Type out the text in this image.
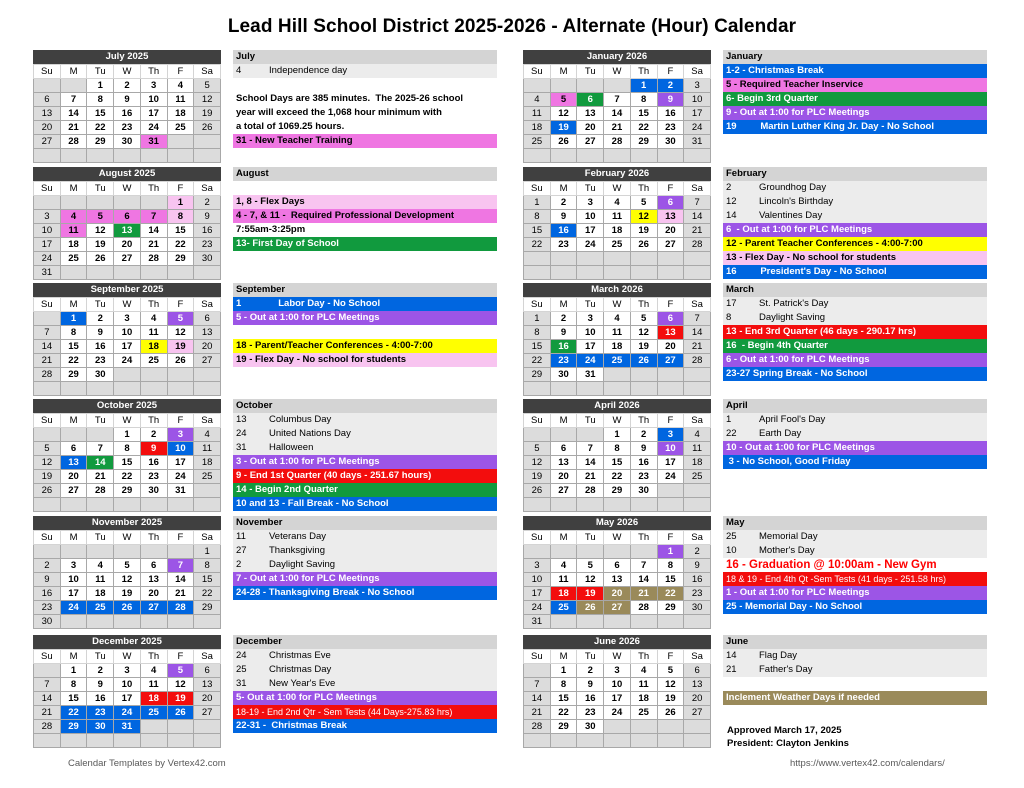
Lead Hill School District 2025-2026 - Alternate (Hour) Calendar
July 2025
Su	M	Tu	W	Th	F	Sa
		1	2	3	4	5
6	7	8	9	10	11	12
13	14	15	16	17	18	19
20	21	22	23	24	25	26
27	28	29	30	31		

August 2025
Su	M	Tu	W	Th	F	Sa
					1	2
3	4	5	6	7	8	9
10	11	12	13	14	15	16
17	18	19	20	21	22	23
24	25	26	27	28	29	30
31						
September 2025
Su	M	Tu	W	Th	F	Sa
	1	2	3	4	5	6
7	8	9	10	11	12	13
14	15	16	17	18	19	20
21	22	23	24	25	26	27
28	29	30				

October 2025
Su	M	Tu	W	Th	F	Sa
			1	2	3	4
5	6	7	8	9	10	11
12	13	14	15	16	17	18
19	20	21	22	23	24	25
26	27	28	29	30	31	

November 2025
Su	M	Tu	W	Th	F	Sa
						1
2	3	4	5	6	7	8
9	10	11	12	13	14	15
16	17	18	19	20	21	22
23	24	25	26	27	28	29
30						
December 2025
Su	M	Tu	W	Th	F	Sa
	1	2	3	4	5	6
7	8	9	10	11	12	13
14	15	16	17	18	19	20
21	22	23	24	25	26	27
28	29	30	31			

January 2026
Su	M	Tu	W	Th	F	Sa
				1	2	3
4	5	6	7	8	9	10
11	12	13	14	15	16	17
18	19	20	21	22	23	24
25	26	27	28	29	30	31

February 2026
Su	M	Tu	W	Th	F	Sa
1	2	3	4	5	6	7
8	9	10	11	12	13	14
15	16	17	18	19	20	21
22	23	24	25	26	27	28

March 2026
Su	M	Tu	W	Th	F	Sa
1	2	3	4	5	6	7
8	9	10	11	12	13	14
15	16	17	18	19	20	21
22	23	24	25	26	27	28
29	30	31				

April 2026
Su	M	Tu	W	Th	F	Sa
			1	2	3	4
5	6	7	8	9	10	11
12	13	14	15	16	17	18
19	20	21	22	23	24	25
26	27	28	29	30		

May 2026
Su	M	Tu	W	Th	F	Sa
					1	2
3	4	5	6	7	8	9
10	11	12	13	14	15	16
17	18	19	20	21	22	23
24	25	26	27	28	29	30
31						
June 2026
Su	M	Tu	W	Th	F	Sa
	1	2	3	4	5	6
7	8	9	10	11	12	13
14	15	16	17	18	19	20
21	22	23	24	25	26	27
28	29	30				

July
4	Independence day
School Days are 385 minutes.  The 2025-26 school
year will exceed the 1,068 hour minimum with
a total of 1069.25 hours.
31 - New Teacher Training
August
1, 8 - Flex Days
4 - 7, & 11 -  Required Professional Development
7:55am-3:25pm
13- First Day of School
September
1              Labor Day - No School
5 - Out at 1:00 for PLC Meetings
18 - Parent/Teacher Conferences - 4:00-7:00
19 - Flex Day - No school for students
October
13 Columbus Day
24 United Nations Day
31 Halloween
3 - Out at 1:00 for PLC Meetings
9 - End 1st Quarter (40 days - 251.67 hours)
14 - Begin 2nd Quarter
10 and 13 - Fall Break - No School
November
11 Veterans Day
27 Thanksgiving
2	Daylight Saving
7 - Out at 1:00 for PLC Meetings
24-28 - Thanksgiving Break - No School
December
24 Christmas Eve
25 Christmas Day
31 New Year's Eve
5- Out at 1:00 for PLC Meetings
18-19 - End 2nd Qtr - Sem Tests (44 Days-275.83 hrs)
22-31 -  Christmas Break
January
1-2 - Christmas Break
5 - Required Teacher Inservice
6- Begin 3rd Quarter
9 - Out at 1:00 for PLC Meetings
19         Martin Luther King Jr. Day - No School
February
2	Groundhog Day
12 Lincoln's Birthday
14 Valentines Day
6  - Out at 1:00 for PLC Meetings
12 - Parent Teacher Conferences - 4:00-7:00
13 - Flex Day - No school for students
16         President's Day - No School
March
17 St. Patrick's Day
8	Daylight Saving
13 - End 3rd Quarter (46 days - 290.17 hrs)
16  - Begin 4th Quarter
6 - Out at 1:00 for PLC Meetings
23-27 Spring Break - No School
April
1	April Fool's Day
22 Earth Day
10 - Out at 1:00 for PLC Meetings
3 - No School, Good Friday
May
25 Memorial Day
10 Mother's Day
16 - Graduation @ 10:00am - New Gym
18 & 19 - End 4th Qt -Sem Tests (41 days - 251.58 hrs)
1 - Out at 1:00 for PLC Meetings
25 - Memorial Day - No School
June
14 Flag Day
21 Father's Day
Inclement Weather Days if needed
Approved March 17, 2025
President: Clayton Jenkins
Calendar Templates by Vertex42.com	https://www.vertex42.com/calendars/
